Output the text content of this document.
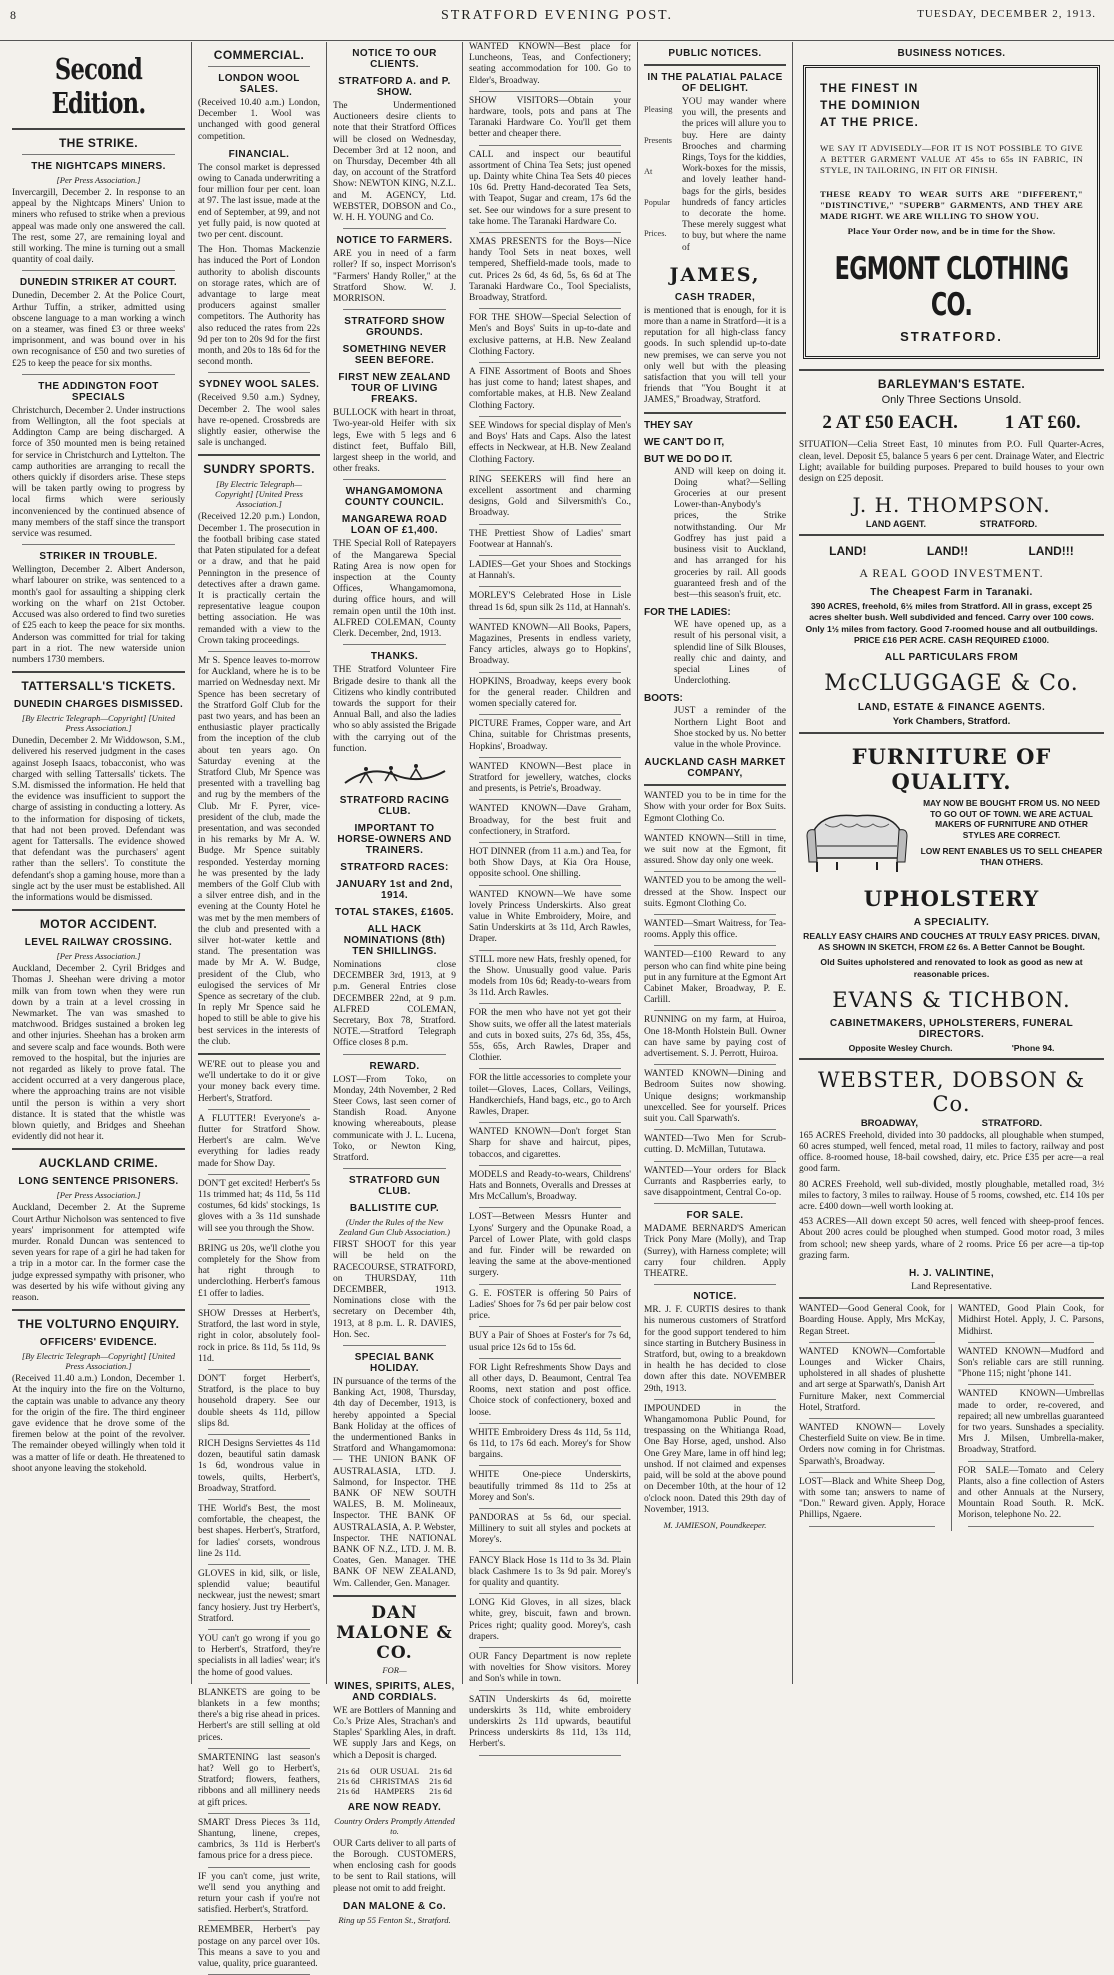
8	STRATFORD EVENING POST.	TUESDAY, DECEMBER 2, 1913.
Second Edition.
THE STRIKE.
THE NIGHTCAPS MINERS.
[Per Press Association.]

Invercargill, December 2. In response to an appeal by the Nightcaps Miners' Union to miners who refused to strike when a previous appeal was made only one answered the call. The rest, some 27, are remaining loyal and still working. The mine is turning out a small quantity of coal daily.

DUNEDIN STRIKER AT COURT.

Dunedin, December 2. At the Police Court, Arthur Tuffin, a striker, admitted using obscene language to a man working a winch on a steamer, was fined £3 or three weeks' imprisonment, and was bound over in his own recognisance of £50 and two sureties of £25 to keep the peace for six months.

THE ADDINGTON FOOT SPECIALS

Christchurch, December 2. Under instructions from Wellington, all the foot specials at Addington Camp are being discharged. A force of 350 mounted men is being retained for service in Christchurch and Lyttelton. The camp authorities are arranging to recall the others quickly if disorders arise. These steps will be taken partly owing to progress by local firms which were seriously inconvenienced by the continued absence of many members of the staff since the transport service was resumed.

STRIKER IN TROUBLE.

Wellington, December 2. Albert Anderson, wharf labourer on strike, was sentenced to a month's gaol for assaulting a shipping clerk working on the wharf on 21st October. Accused was also ordered to find two sureties of £25 each to keep the peace for six months. Anderson was committed for trial for taking part in a riot. The new waterside union numbers 1730 members.

TATTERSALL'S TICKETS.
DUNEDIN CHARGES DISMISSED.
[By Electric Telegraph—Copyright] [United Press Association.]

Dunedin, December 2. Mr Widdowson, S.M., delivered his reserved judgment in the cases against Joseph Isaacs, tobacconist, who was charged with selling Tattersalls' tickets. The S.M. dismissed the information. He held that the evidence was insufficient to support the charge of assisting in conducting a lottery. As to the information for disposing of tickets, that had not been proved. Defendant was agent for Tattersalls. The evidence showed that defendant was the purchasers' agent rather than the sellers'. To constitute the defendant's shop a gaming house, more than a single act by the user must be established. All the informations would be dismissed.

MOTOR ACCIDENT.
LEVEL RAILWAY CROSSING.
[Per Press Association.]

Auckland, December 2. Cyril Bridges and Thomas J. Sheehan were driving a motor milk van from town when they were run down by a train at a level crossing in Newmarket. The van was smashed to matchwood. Bridges sustained a broken leg and other injuries. Sheehan has a broken arm and severe scalp and face wounds. Both were removed to the hospital, but the injuries are not regarded as likely to prove fatal. The accident occurred at a very dangerous place, where the approaching trains are not visible until the person is within a very short distance. It is stated that the whistle was blown quietly, and Bridges and Sheehan evidently did not hear it.

AUCKLAND CRIME.
LONG SENTENCE PRISONERS.
[Per Press Association.]

Auckland, December 2. At the Supreme Court Arthur Nicholson was sentenced to five years' imprisonment for attempted wife murder. Ronald Duncan was sentenced to seven years for rape of a girl he had taken for a trip in a motor car. In the former case the judge expressed sympathy with prisoner, who was deserted by his wife without giving any reason.

THE VOLTURNO ENQUIRY.
OFFICERS' EVIDENCE.
[By Electric Telegraph—Copyright] [United Press Association.]

(Received 11.40 a.m.) London, December 1. At the inquiry into the fire on the Volturno, the captain was unable to advance any theory for the origin of the fire. The third engineer gave evidence that he drove some of the firemen below at the point of the revolver. The remainder obeyed willingly when told it was a matter of life or death. He threatened to shoot anyone leaving the stokehold.

COMMERCIAL.
LONDON WOOL SALES.

(Received 10.40 a.m.) London, December 1. Wool was unchanged with good general competition.

FINANCIAL.

The consol market is depressed owing to Canada underwriting a four million four per cent. loan at 97. The last issue, made at the end of September, at 99, and not yet fully paid, is now quoted at two per cent. discount.

The Hon. Thomas Mackenzie has induced the Port of London authority to abolish discounts on storage rates, which are of advantage to large meat producers against smaller competitors. The Authority has also reduced the rates from 22s 9d per ton to 20s 9d for the first month, and 20s to 18s 6d for the second month.

SYDNEY WOOL SALES.

(Received 9.50 a.m.) Sydney, December 2. The wool sales have re-opened. Crossbreds are slightly easier, otherwise the sale is unchanged.

SUNDRY SPORTS.
[By Electric Telegraph—Copyright] [United Press Association.]

(Received 12.20 p.m.) London, December 1. The prosecution in the football bribing case stated that Paten stipulated for a defeat or a draw, and that he paid Pennington in the presence of detectives after a drawn game. It is practically certain the representative league coupon betting association. He was remanded with a view to the Crown taking proceedings.

Mr S. Spence leaves to-morrow for Auckland, where he is to be married on Wednesday next. Mr Spence has been secretary of the Stratford Golf Club for the past two years, and has been an enthusiastic player practically from the inception of the club about ten years ago. On Saturday evening at the Stratford Club, Mr Spence was presented with a travelling bag and rug by the members of the Club. Mr F. Pyrer, vice-president of the club, made the presentation, and was seconded in his remarks by Mr A. W. Budge. Mr Spence suitably responded. Yesterday morning he was presented by the lady members of the Golf Club with a silver entree dish, and in the evening at the County Hotel he was met by the men members of the club and presented with a silver hot-water kettle and stand. The presentation was made by Mr A. W. Budge, president of the Club, who eulogised the services of Mr Spence as secretary of the club. In reply Mr Spence said he hoped to still be able to give his best services in the interests of the club.

WE'RE out to please you and we'll undertake to do it or give your money back every time. Herbert's, Stratford.

A FLUTTER! Everyone's a-flutter for Stratford Show. Herbert's are calm. We've everything for ladies ready made for Show Day.

DON'T get excited! Herbert's 5s 11s trimmed hat; 4s 11d, 5s 11d costumes, 6d kids' stockings, 1s gloves with a 3s 11d sunshade will see you through the Show.

BRING us 20s, we'll clothe you completely for the Show from hat right through to underclothing. Herbert's famous £1 offer to ladies.

SHOW Dresses at Herbert's, Stratford, the last word in style, right in color, absolutely fool-rock in price. 8s 11d, 5s 11d, 9s 11d.

DON'T forget Herbert's, Stratford, is the place to buy household drapery. See our double sheets 4s 11d, pillow slips 8d.

RICH Designs Serviettes 4s 11d dozen, beautiful satin damask 1s 6d, wondrous value in towels, quilts, Herbert's, Broadway, Stratford.

THE World's Best, the most comfortable, the cheapest, the best shapes. Herbert's, Stratford, for ladies' corsets, wondrous line 2s 11d.

GLOVES in kid, silk, or lisle, splendid value; beautiful neckwear, just the newest; smart fancy hosiery. Just try Herbert's, Stratford.

YOU can't go wrong if you go to Herbert's, Stratford, they're specialists in all ladies' wear; it's the home of good values.

BLANKETS are going to be blankets in a few months; there's a big rise ahead in prices. Herbert's are still selling at old prices.

SMARTENING last season's hat? Well go to Herbert's, Stratford; flowers, feathers, ribbons and all millinery needs at gift prices.

SMART Dress Pieces 3s 11d, Shantung, linene, crepes, cambrics, 3s 11d is Herbert's famous price for a dress piece.

IF you can't come, just write, we'll send you anything and return your cash if you're not satisfied. Herbert's, Stratford.

REMEMBER, Herbert's pay postage on any parcel over 10s. This means a save to you and value, quality, price guaranteed.

NOTICE TO OUR CLIENTS.
STRATFORD A. and P. SHOW.

The Undermentioned Auctioneers desire clients to note that their Stratford Offices will be closed on Wednesday, December 3rd at 12 noon, and on Thursday, December 4th all day, on account of the Stratford Show: NEWTON KING, N.Z.L. and M. AGENCY, Ltd. WEBSTER, DOBSON and Co., W. H. H. YOUNG and Co.

NOTICE TO FARMERS.

ARE you in need of a farm roller? If so, inspect Morrison's "Farmers' Handy Roller," at the Stratford Show. W. J. MORRISON.

STRATFORD SHOW GROUNDS.
SOMETHING NEVER SEEN BEFORE.
FIRST NEW ZEALAND TOUR OF LIVING FREAKS.

BULLOCK with heart in throat, Two-year-old Heifer with six legs, Ewe with 5 legs and 6 distinct feet, Buffalo Bill, largest sheep in the world, and other freaks.

WHANGAMOMONA COUNTY COUNCIL.
MANGAREWA ROAD LOAN OF £1,400.

THE Special Roll of Ratepayers of the Mangarewa Special Rating Area is now open for inspection at the County Offices, Whangamomona, during office hours, and will remain open until the 10th inst. ALFRED COLEMAN, County Clerk. December, 2nd, 1913.

THANKS.

THE Stratford Volunteer Fire Brigade desire to thank all the Citizens who kindly contributed towards the support for their Annual Ball, and also the ladies who so ably assisted the Brigade with the carrying out of the function.

STRATFORD RACING CLUB.
IMPORTANT TO HORSE-OWNERS AND TRAINERS.
STRATFORD RACES:
JANUARY 1st and 2nd, 1914.
TOTAL STAKES, £1605.
ALL HACK NOMINATIONS (8th) TEN SHILLINGS.

Nominations close DECEMBER 3rd, 1913, at 9 p.m. General Entries close DECEMBER 22nd, at 9 p.m. ALFRED COLEMAN, Secretary, Box 78, Stratford. NOTE.—Stratford Telegraph Office closes 8 p.m.

REWARD.

LOST—From Toko, on Monday, 24th November, 2 Red Steer Cows, last seen corner of Standish Road. Anyone knowing whereabouts, please communicate with J. L. Lucena, Toko, or Newton King, Stratford.

STRATFORD GUN CLUB.
BALLISTITE CUP.
(Under the Rules of the New Zealand Gun Club Association.)

FIRST SHOOT for this year will be held on the RACECOURSE, STRATFORD, on THURSDAY, 11th DECEMBER, 1913. Nominations close with the secretary on December 4th, 1913, at 8 p.m. L. R. DAVIES, Hon. Sec.

SPECIAL BANK HOLIDAY.

IN pursuance of the terms of the Banking Act, 1908, Thursday, 4th day of December, 1913, is hereby appointed a Special Bank Holiday at the offices of the undermentioned Banks in Stratford and Whangamomona:— THE UNION BANK OF AUSTRALASIA, LTD. J. Salmond, for Inspector. THE BANK OF NEW SOUTH WALES, B. M. Molineaux, Inspector. THE BANK OF AUSTRALASIA, A. P. Webster, Inspector. THE NATIONAL BANK OF N.Z., LTD. J. M. B. Coates, Gen. Manager. THE BANK OF NEW ZEALAND, Wm. Callender, Gen. Manager.

DAN MALONE & CO.
FOR—
WINES, SPIRITS, ALES, AND CORDIALS.

WE are Bottlers of Manning and Co.'s Prize Ales, Strachan's and Staples' Sparkling Ales, in draft. WE supply Jars and Kegs, on which a Deposit is charged.

21s 6d	OUR USUAL	21s 6d
21s 6d	CHRISTMAS	21s 6d
21s 6d	HAMPERS	21s 6d
ARE NOW READY.
Country Orders Promptly Attended to.

OUR Carts deliver to all parts of the Borough. CUSTOMERS, when enclosing cash for goods to be sent to Rail stations, will please not omit to add freight.

DAN MALONE & Co.
Ring up 55 Fenton St., Stratford.

WANTED KNOWN—Best place for Luncheons, Teas, and Confectionery; seating accommodation for 100. Go to Elder's, Broadway.

SHOW VISITORS—Obtain your hardware, tools, pots and pans at The Taranaki Hardware Co. You'll get them better and cheaper there.

CALL and inspect our beautiful assortment of China Tea Sets; just opened up. Dainty white China Tea Sets 40 pieces 10s 6d. Pretty Hand-decorated Tea Sets, with Teapot, Sugar and cream, 17s 6d the set. See our windows for a sure present to take home. The Taranaki Hardware Co.

XMAS PRESENTS for the Boys—Nice handy Tool Sets in neat boxes, well tempered, Sheffield-made tools, made to cut. Prices 2s 6d, 4s 6d, 5s, 6s 6d at The Taranaki Hardware Co., Tool Specialists, Broadway, Stratford.

FOR THE SHOW—Special Selection of Men's and Boys' Suits in up-to-date and exclusive patterns, at H.B. New Zealand Clothing Factory.

A FINE Assortment of Boots and Shoes has just come to hand; latest shapes, and comfortable makes, at H.B. New Zealand Clothing Factory.

SEE Windows for special display of Men's and Boys' Hats and Caps. Also the latest effects in Neckwear, at H.B. New Zealand Clothing Factory.

RING SEEKERS will find here an excellent assortment and charming designs, Gold and Silversmith's Co., Broadway.

THE Prettiest Show of Ladies' smart Footwear at Hannah's.

LADIES—Get your Shoes and Stockings at Hannah's.

MORLEY'S Celebrated Hose in Lisle thread 1s 6d, spun silk 2s 11d, at Hannah's.

WANTED KNOWN—All Books, Papers, Magazines, Presents in endless variety, Fancy articles, always go to Hopkins', Broadway.

HOPKINS, Broadway, keeps every book for the general reader. Children and women specially catered for.

PICTURE Frames, Copper ware, and Art China, suitable for Christmas presents, Hopkins', Broadway.

WANTED KNOWN—Best place in Stratford for jewellery, watches, clocks and presents, is Petrie's, Broadway.

WANTED KNOWN—Dave Graham, Broadway, for the best fruit and confectionery, in Stratford.

HOT DINNER (from 11 a.m.) and Tea, for both Show Days, at Kia Ora House, opposite school. One shilling.

WANTED KNOWN—We have some lovely Princess Underskirts. Also great value in White Embroidery, Moire, and Satin Underskirts at 3s 11d, Arch Rawles, Draper.

STILL more new Hats, freshly opened, for the Show. Unusually good value. Paris models from 10s 6d; Ready-to-wears from 3s 11d. Arch Rawles.

FOR the men who have not yet got their Show suits, we offer all the latest materials and cuts in boxed suits, 27s 6d, 35s, 45s, 55s, 65s, Arch Rawles, Draper and Clothier.

FOR the little accessories to complete your toilet—Gloves, Laces, Collars, Veilings, Handkerchiefs, Hand bags, etc., go to Arch Rawles, Draper.

WANTED KNOWN—Don't forget Stan Sharp for shave and haircut, pipes, tobaccos, and cigarettes.

MODELS and Ready-to-wears, Childrens' Hats and Bonnets, Overalls and Dresses at Mrs McCallum's, Broadway.

LOST—Between Messrs Hunter and Lyons' Surgery and the Opunake Road, a Parcel of Lower Plate, with gold clasps and fur. Finder will be rewarded on leaving the same at the above-mentioned surgery.

G. E. FOSTER is offering 50 Pairs of Ladies' Shoes for 7s 6d per pair below cost price.

BUY a Pair of Shoes at Foster's for 7s 6d, usual price 12s 6d to 15s 6d.

FOR Light Refreshments Show Days and all other days, D. Beaumont, Central Tea Rooms, next station and post office. Choice stock of confectionery, boxed and loose.

WHITE Embroidery Dress 4s 11d, 5s 11d, 6s 11d, to 17s 6d each. Morey's for Show bargains.

WHITE One-piece Underskirts, beautifully trimmed 8s 11d to 25s at Morey and Son's.

PANDORAS at 5s 6d, our special. Millinery to suit all styles and pockets at Morey's.

FANCY Black Hose 1s 11d to 3s 3d. Plain black Cashmere 1s to 3s 9d pair. Morey's for quality and quantity.

LONG Kid Gloves, in all sizes, black white, grey, biscuit, fawn and brown. Prices right; quality good. Morey's, cash drapers.

OUR Fancy Department is now replete with novelties for Show visitors. Morey and Son's while in town.

SATIN Underskirts 4s 6d, moirette underskirts 3s 11d, white embroidery underskirts 2s 11d upwards, beautiful Princess underskirts 8s 11d, 13s 11d, Herbert's.

PUBLIC NOTICES.
IN THE PALATIAL PALACE OF DELIGHT.
Pleasing
Presents
At
Popular
Prices.

YOU may wander where you will, the presents and the prices will allure you to buy. Here are dainty Brooches and charming Rings, Toys for the kiddies, Work-boxes for the missis, and lovely leather hand-bags for the girls, besides hundreds of fancy articles to decorate the home. These merely suggest what to buy, but where the name of

JAMES,
CASH TRADER,

is mentioned that is enough, for it is more than a name in Stratford—it is a reputation for all high-class fancy goods. In such splendid up-to-date new premises, we can serve you not only well but with the pleasing satisfaction that you will tell your friends that "You Bought it at JAMES," Broadway, Stratford.

THEY SAY
WE CAN'T DO IT,
BUT WE DO DO IT.

AND will keep on doing it. Doing what?—Selling Groceries at our present Lower-than-Anybody's prices, the Strike notwithstanding. Our Mr Godfrey has just paid a business visit to Auckland, and has arranged for his groceries by rail. All goods guaranteed fresh and of the best—this season's fruit, etc.

FOR THE LADIES:

WE have opened up, as a result of his personal visit, a splendid line of Silk Blouses, really chic and dainty, and special Lines of Underclothing.

BOOTS:

JUST a reminder of the Northern Light Boot and Shoe stocked by us. No better value in the whole Province.

AUCKLAND CASH MARKET COMPANY,

WANTED you to be in time for the Show with your order for Box Suits. Egmont Clothing Co.

WANTED KNOWN—Still in time, we suit now at the Egmont, fit assured. Show day only one week.

WANTED you to be among the well-dressed at the Show. Inspect our suits. Egmont Clothing Co.

WANTED—Smart Waitress, for Tea-rooms. Apply this office.

WANTED—£100 Reward to any person who can find white pine being put in any furniture at the Egmont Art Cabinet Maker, Broadway, P. E. Carlill.

RUNNING on my farm, at Huiroa, One 18-Month Holstein Bull. Owner can have same by paying cost of advertisement. S. J. Perrott, Huiroa.

WANTED KNOWN—Dining and Bedroom Suites now showing. Unique designs; workmanship unexcelled. See for yourself. Prices suit you. Call Sparwath's.

WANTED—Two Men for Scrub-cutting. D. McMillan, Tututawa.

WANTED—Your orders for Black Currants and Raspberries early, to save disappointment, Central Co-op.

FOR SALE.

MADAME BERNARD'S American Trick Pony Mare (Molly), and Trap (Surrey), with Harness complete; will carry four children. Apply THEATRE.

NOTICE.

MR. J. F. CURTIS desires to thank his numerous customers of Stratford for the good support tendered to him since starting in Butchery Business in Stratford, but, owing to a breakdown in health he has decided to close down after this date. NOVEMBER 29th, 1913.

IMPOUNDED in the Whangamomona Public Pound, for trespassing on the Whitianga Road, One Bay Horse, aged, unshod. Also One Grey Mare, lame in off hind leg; unshod. If not claimed and expenses paid, will be sold at the above pound on December 10th, at the hour of 12 o'clock noon. Dated this 29th day of November, 1913.

M. JAMIESON, Poundkeeper.
BUSINESS NOTICES.
THE FINEST IN
THE DOMINION
AT THE PRICE.

WE SAY IT ADVISEDLY—FOR IT IS NOT POSSIBLE TO GIVE A BETTER GARMENT VALUE AT 45s to 65s IN FABRIC, IN STYLE, IN TAILORING, IN FIT OR FINISH.

THESE READY TO WEAR SUITS ARE "DIFFERENT," "DISTINCTIVE," "SUPERB" GARMENTS, AND THEY ARE MADE RIGHT. WE ARE WILLING TO SHOW YOU.

Place Your Order now, and be in time for the Show.

EGMONT CLOTHING CO.
STRATFORD.
BARLEYMAN'S ESTATE.
Only Three Sections Unsold.
2 AT £50 EACH. 1 AT £60.

SITUATION—Celia Street East, 10 minutes from P.O. Full Quarter-Acres, clean, level. Deposit £5, balance 5 years 6 per cent. Drainage Water, and Electric Light; available for building purposes. Prepared to build houses to your own design on £25 deposit.

J. H. THOMPSON.
LAND AGENT.	STRATFORD.
LAND!	LAND!!	LAND!!!
A REAL GOOD INVESTMENT.
The Cheapest Farm in Taranaki.

390 ACRES, freehold, 6½ miles from Stratford. All in grass, except 25 acres shelter bush. Well subdivided and fenced. Carry over 100 cows. Only 1½ miles from factory. Good 7-roomed house and all outbuildings. PRICE £16 PER ACRE. CASH REQUIRED £1000.

ALL PARTICULARS FROM
McCLUGGAGE & Co.
LAND, ESTATE & FINANCE AGENTS.
York Chambers, Stratford.
FURNITURE OF QUALITY.
MAY NOW BE BOUGHT FROM US. NO NEED TO GO OUT OF TOWN. WE ARE ACTUAL MAKERS OF FURNITURE AND OTHER STYLES ARE CORRECT.
LOW RENT ENABLES US TO SELL CHEAPER THAN OTHERS.
UPHOLSTERY
A SPECIALITY.

REALLY EASY CHAIRS AND COUCHES AT TRULY EASY PRICES. DIVAN, AS SHOWN IN SKETCH, FROM £2 6s. A Better Cannot be Bought.

Old Suites upholstered and renovated to look as good as new at reasonable prices.

EVANS & TICHBON.
CABINETMAKERS, UPHOLSTERERS, FUNERAL DIRECTORS.
Opposite Wesley Church.	'Phone 94.
WEBSTER, DOBSON & Co.
BROADWAY,	STRATFORD.

165 ACRES Freehold, divided into 30 paddocks, all ploughable when stumped, 60 acres stumped, well fenced, metal road, 11 miles to factory, railway and post office. 8-roomed house, 18-bail cowshed, dairy, etc. Price £35 per acre—a real good farm.

80 ACRES Freehold, well sub-divided, mostly ploughable, metalled road, 3½ miles to factory, 3 miles to railway. House of 5 rooms, cowshed, etc. £14 10s per acre. £400 down—well worth looking at.

453 ACRES—All down except 50 acres, well fenced with sheep-proof fences. About 200 acres could be ploughed when stumped. Good motor road, 3 miles from school; new sheep yards, whare of 2 rooms. Price £6 per acre—a tip-top grazing farm.

H. J. VALINTINE,
Land Representative.

WANTED—Good General Cook, for Boarding House. Apply, Mrs McKay, Regan Street.

WANTED KNOWN—Comfortable Lounges and Wicker Chairs, upholstered in all shades of plushette and art serge at Sparwath's, Danish Art Furniture Maker, next Commercial Hotel, Stratford.

WANTED KNOWN— Lovely Chesterfield Suite on view. Be in time. Orders now coming in for Christmas. Sparwath's, Broadway.

LOST—Black and White Sheep Dog, with some tan; answers to name of "Don." Reward given. Apply, Horace Phillips, Ngaere.

WANTED, Good Plain Cook, for Midhirst Hotel. Apply, J. C. Parsons, Midhirst.

WANTED KNOWN—Mudford and Son's reliable cars are still running. "Phone 115; night 'phone 141.

WANTED KNOWN—Umbrellas made to order, re-covered, and repaired; all new umbrellas guaranteed for two years. Sunshades a speciality. Mrs J. Milsen, Umbrella-maker, Broadway, Stratford.

FOR SALE—Tomato and Celery Plants, also a fine collection of Asters and other Annuals at the Nursery, Mountain Road South. R. McK. Morison, telephone No. 22.
